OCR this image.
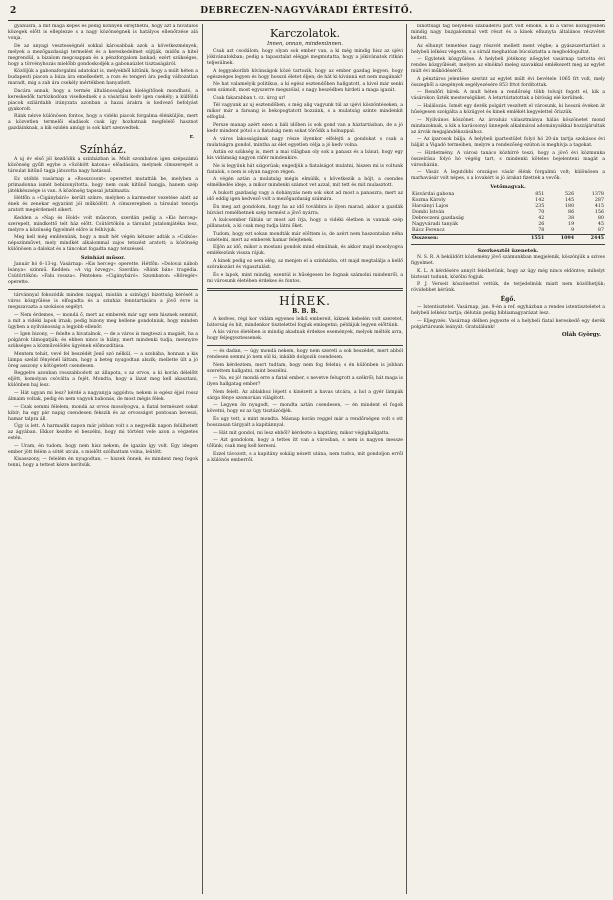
2	DEBRECZEN-NAGYVÁRADI ÉRTESÍTŐ.

gyanusra, a mit maga képes és pedig könnyen elrejthetni, hogy azt a hivatalos közegek előtt is elleplezze s a nagy közönségnek is hatályos ellenőrzése alá vonja.

De az anyagi vesztességnél sokkal károsabbak azok a következmények, melyek a mezőgazdasági termelést és a kereskedelmet sújtják, midőn a hitel megrendül, a bizalom megcsappan és a pénzforgalom lankad; ezért szükséges, hogy a törvényhozás mielőbb gondoskodjék a gabonaüzlet tisztaságáról.

Közöljük a gabonaforgalmi adatokat is, melyekből kitűnik, hogy a múlt héten a budapesti piacon a búza ára emelkedett, a rozs és tengeri ára pedig változatlan maradt, mig a zab ára csekély mértékben hanyatlott.

Dacára annak, hogy a termés általánosságban kielégítőnek mondható, a kereskedők tartózkodóan viselkednek s a vásárlási kedv igen csekély; a külföldi piacok szilárdabb irányzata azonban a hazai árakra is kedvező befolyást gyakorolt.

Ránk nézve különösen fontos, hogy a vidéki piacok forgalma élénküljön, mert a közvetlen termelői eladások csak így hozhatnak megfelelő hasznot gazdáinknak, a kik ezidén amúgy is sok kárt szenvedtek.

r.
Színház.

A uj év első jól kezdődik a szinházban is. Mult szombaton igen szépszámú közönség gyűlt egybe a »Szökött katona« előadására, melynek címszerepét a társulat kitűnő tagja játszotta nagy hatással.

Ez utóbbi vasárnap a »Rosszcsont« operettet mutatták be, melyben a primadonna ismét bebizonyította, hogy nem csak kitűnő hangja, hanem szép játékkészsége is van. A közönség tapssal jutalmazta.

Hétfőn a »Cigánybáró« került színre, melyben a karmester vezetése alatt az ének és zenekar egyaránt jól működött. A címszerepben a társulat tenorja aratott megérdemelt sikert.

Kedden a »Nap és Hold« volt műsoron, szerdán pedig a »Kis herceg« szerepelt, mindkettő telt ház előtt. Csütörtökön a társulat jutalomjátéka lesz, melyre a közönség figyelmét előre is felhívjuk.

Meg kell még emlitenünk, hogy a mult hét végén kétszer adták a »Csikós« népszínművet, mely mindkét alkalommal zajos tetszést aratott; a közönség különösen a dalokat és a táncokat fogadta nagy tetszéssel.

Szinházi műsor.

Január hó 6–13-ig. Vasárnap: »Kis herceg« operette. Hétfőn: »Dolovai nábob leánya« szinmű. Kedden: »A vig özvegy«. Szerdán: »Bánk bán« tragédia. Csütörtökön: »Falu rossza«. Pénteken: »Cigánybáró«. Szombaton: »Bőregér« operette.

tárvánnyal fokozódik minden nappal, miután a szinügyi bizottság kérését a város közgyűlése is elfogadta és a szinház fenntartására a jövő évre is megszavazta a szokásos segélyt.

— Nem érdemes, — mondá ő, mert az emberek már ugy sem hisznek semmit, a mit a vidéki lapok írnak; pedig bizony meg kellene gondolniuk, hogy minden ügyben a nyilvánosság a legjobb ellenőr.

— Igen bizony, — felelte a hivatalnok, — de a város is megteszi a magáét, ha a polgárok támogatják; és ebben nincs is hiány, mert mindenki tudja, mennyire szükséges a közművelődés ügyének előmozdítása.

Mentem tehát, vevé fel beszédét Jenő szó nélkül, — a szobába, honnan a kis lámpa szelíd fényénél láttam, hogy a beteg nyugodtan alszik; mellette ült a jó öreg asszony s kötögetett csendesen.

Reggelre azonban rosszabbodott az állapota, s az orvos, a ki korán délelőtt eljött, komolyan csóválta a fejét. Mondta, hogy a lázat meg kell akasztani, különben baj lesz.

— Hát ugyan mi lesz? kérdé a nagyanyja aggódva; nekem is egész éjjel rossz álmaim voltak, pedig én nem vagyok babonás, de most mégis félek.

— Csak semmi félelem, mondá az orvos mosolyogva, a fiatal természet sokat kibír; ha egy pár napig csendesen fekszik és az orvosságot pontosan beveszi, hamar talpra áll.

Úgy is lett. A harmadik napon már jobban volt s a negyedik napon felülhetett az ágyában. Ekkor kezdte el beszélni, hogy mi történt vele azon a végzetes estén.

— Uram, én tudom, hogy nem hisz nekem, de igazán így volt. Egy idegen ember jött felém a sötét utcán, s mielőtt szólhattam volna, leütött.

Kisasszony, — felelém én nyugodtan, — hiszek önnek, és mindent meg fogok tenni, hogy a tettest kézre kerítsük.

Karczolatok.
Innen, onnan, mindenünnen.

Csak azt csodálom, hogy olyan sok ember van, a ki még mindig hisz az ujévi jókivánatokban; pedig a tapasztalat eléggé megmutatta, hogy a jókivánatok ritkán teljesülnek.

A leggyakoribb kívánságok közé tartozik, hogy az ember gazdag legyen, hogy egészséges legyen és hogy hosszú életet éljen; de hát ki kívánná ezt nem magának?

Ne hat valamelyik politikus, a ki egész esztendőben hallgatott, a kivel már senki sem számolt, most egyszerre megszólal, s nagy beszédben hirdeti a maga igazát.

Csak fakarabban t. cz. úrcg ur!

Tél vagyunk az uj esztendőben, s még alig vagyunk túl az ujévi köszöntéseken, a mikor már a farsang is bekopogtatott hozzánk, s a mulatság szinte mindenkit elfoglal.

Persze manap azért ezen a báli időben is sok gond van a háztartásban, de a jó kedv mindent pótol s a fiatalság nem sokat törődik a holnappal.

A város lakosságának nagy része ilyenkor elfelejti a gondokat s csak a mulatságra gondol, mintha az élet egyetlen célja a jó kedv volna.

Aztán ez szükség is, mert a mai világban oly sok a panasz és a bánat, hogy egy kis vidámság nagyon ráfér mindenkire.

Ne is legyünk hát szigorúak; engedjük a fiatalságot mulatni, hiszen mi is voltunk fiatalok, s nem is olyan nagyon régen.

A végén aztán a mulatság mégis elmúlik, s következik a böjt, a csendes elmélkedés ideje, a mikor mindenki számot vet azzal, mit tett és mit mulasztott.

A bukott gazdaság vagy a dohányzás nem sok okot ad most a panaszra, mert az idő eddig igen kedvező volt a mezőgazdaság számára.

Én meg azt gondolom, hogy ha az idő továbbra is ilyen marad, akkor a gazdák bízvást remélhetnek szép termést a jövő nyárra.

A kulcsember fábián ur most azt írja, hogy a vidéki életben is vannak szép pillanatok, a ki csak meg tudja látni őket.

Tudom, hogy ezt sokan mondták már előttem is, de azért nem haszontalan néha ismételni, mert az emberek hamar felejtenek.

Eljön az idő, mikor a mostani gondok mind elmúlnak, és akkor majd mosolyogva emlékezünk vissza rájuk.

A kinek pedig ez sem elég, az menjen el a szinházba, ott majd megtalálja a kellő szórakozást és vigasztalást.

És e lapok, mint mindig, ezentúl is hűségesen be fognak számolni mindenről, a mi városunk életében érdekes és fontos.

HÍREK.
B. B. B.

A kedves, régi kor vidám egyenes lelkű embereit, kiknek kebelén volt szeretet, bátorság és hit, mindenkor tisztelettel fogjuk emlegetni; példájuk legyen előttünk.

A kis város életében is mindig akadnak érdekes események, melyek méltók arra, hogy feljegyeztessenek.

— és dadan, — úgy mondá nekem, hogy nem szereti a sok beszédet, mert abból rendesen semmi jó nem sül ki; inkább dolgozik csendesen.

Nem kérdeztem, mert tudtam, hogy nem fog felelni; s én különben is jobban szerettem hallgatni, mint beszélni.

— Na, ez jó! mondá erre a fiatal ember, s nevetve felugrott a székről; hát maga is ilyen hallgatag ember?

Nem felelt. Az ablakhoz lépett s kinézett a havas utcára, a hol a gyér lámpák sárga fénye szomorúan világított.

— Legyen ön nyugodt, — mondta aztán csendesen, — én mindent el fogok követni, hogy ez az ügy tisztázódjék.

És ugy tett, a mint mondta. Másnap korán reggel már a rendőrségen volt s ott hosszasan tárgyalt a kapitánnyal.

— Hát mit gondol, mi lesz ebből? kérdezte a kapitány, mikor végighallgatta.

— Azt gondolom, hogy a tettes itt van a városban, s nem is nagyon messze tőlünk; csak meg kell keresni.

Ezzel távozott, s a kapitány sokáig nézett utána, nem tudva, mit gondoljon erről a különös emberről.

binottsági tag belyebeli szabadelvű párt volt elnöke, a ki a város közügyeiben mindig nagy buzgalommal vett részt és a kinek elhunyta általános részvétet keltett.

Az elhunyt temetése nagy részvét mellett ment végbe; a gyászszertartást a helybeli lelkész végezte, s a sírnál meghatóan búcsúztatta a megboldogultat.

— Egyletek közgyűlése. A helybeli jótékony nőegylet vasárnap tartotta évi rendes közgyűlését, melyen az elnöknő meleg szavakkal emlékezett meg az egylet múlt évi működéséről.

A pénztáros jelentése szerint az egylet múlt évi bevétele 1065 frt volt, mely összegből a szegények segélyezésére 853 frtot fordítottak.

— Rendőri hírek. A mult héten a rendőrség több tolvajt fogott el, kik a vásárokon űzték mesterségüket. A letartóztatottak a bíróság elé kerülnek.

— Halálozás. Ismét egy derék polgárt veszített el városunk, ki hosszú éveken át hűségesen szolgálta a közügyet és kinek emlékét kegyelettel őrizzük.

— Nyilvános köszönet. Az árvaház választmánya hálás köszönetet mond mindazoknak, a kik a karácsonyi ünnepek alkalmával adományaikkal hozzájárultak az árvák megajándékozásához.

— Az iparosok bálja. A helybeli ipartestület folyó hó 20-án tartja szokásos évi bálját a Vigadó termeiben, melyre a rendezőség ezúton is meghívja a tagokat.

— Hirdetmény. A városi tanács közhírré teszi, hogy a jövő évi közmunka összeírása folyó hó végéig tart, s mindenki köteles bejelenteni magát a városházán.

— Vásár. A legutóbbi országos vásár élénk forgalmú volt; különösen a marhavásár volt népes, s a lovakért is jó árakat fizettek a vevők.

Vetőmagvak.
Kisvárdai gabona	851	526	1378
Kozma Károly	142	145	287
Harsányi Lajos	235	180	415
Dombi István	70	86	156
Debreczeni gazdaság	42	38	80
Nagyváradi tanyák	26	19	45
Rácz Ferencz	78	9	87
Összesen:	1551	1094	2445
Szerkesztői üzenetek.

N. S. R. A beküldött közlemény jövő számunkban megjelenik, köszönjük a szíves figyelmet.

K. L. A kérdésére annyit felelhetünk, hogy az ügy még nincs eldöntve; mihelyt biztosat tudunk, közölni fogjuk.

P. J. Verseit köszönettel vettük, de terjedelmük miatt nem közölhetjük; rövidebbet kérünk.

Égő.

— Istentisztelet. Vasárnap, jan. 9-én a ref. egyházban a rendes istentiszteletet a helybeli lelkész tartja; délután pedig bibliamagyarázat lesz.

— Eljegyzés. Vasárnap délben jegyezte el a helybeli fiatal kereskedő egy derék polgártársunk leányát. Gratulálunk!

Oláh György.
